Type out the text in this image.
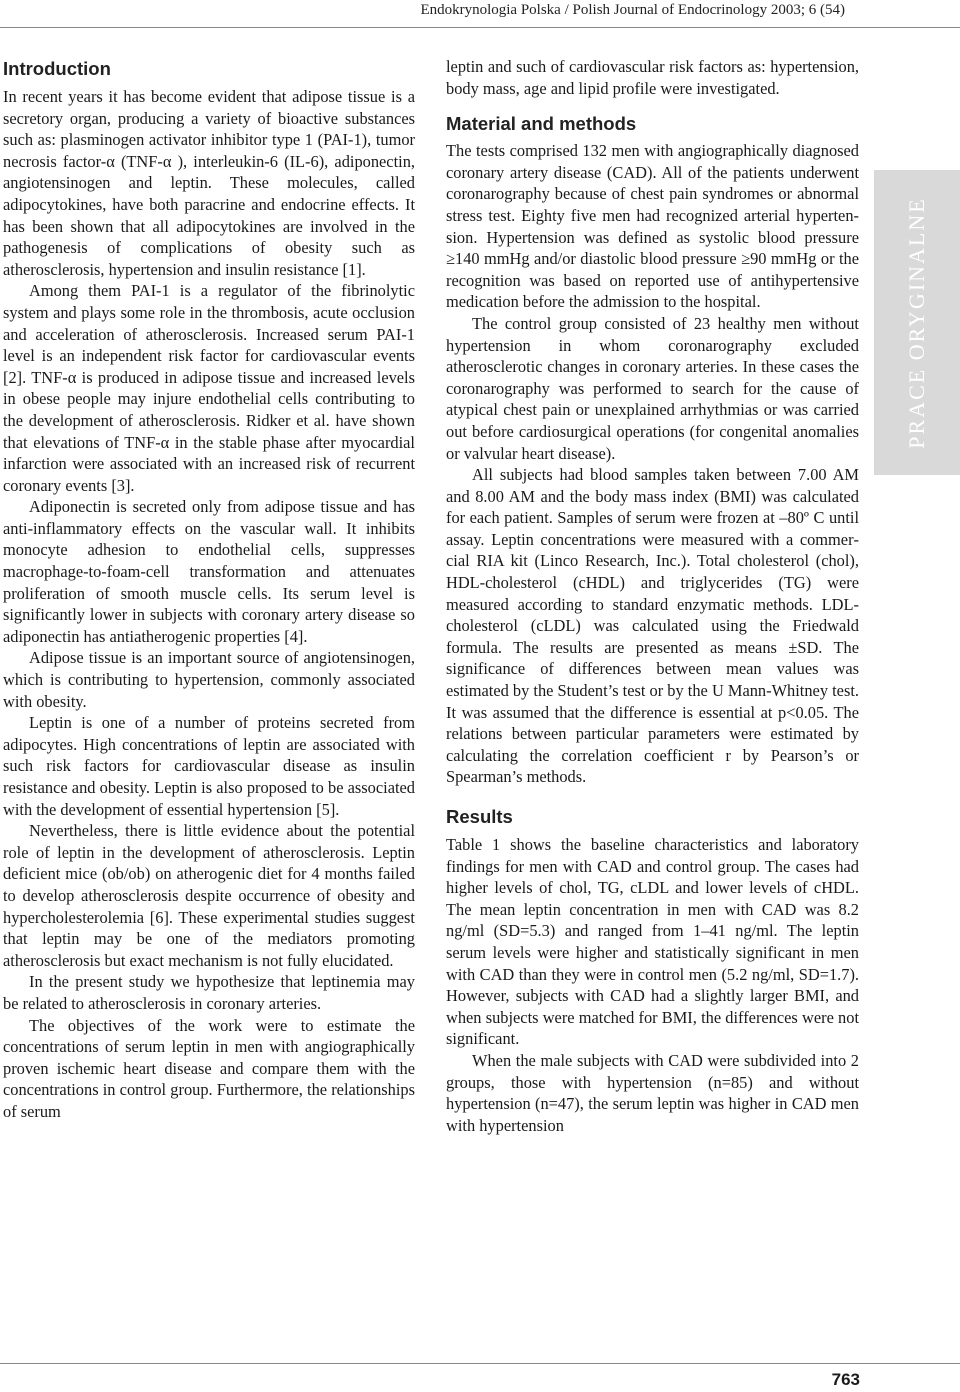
Endokrynologia Polska / Polish Journal of Endocrinology 2003; 6 (54)
Introduction

In recent years it has become evident that adipose tissue is a secretory organ, producing a variety of bioactive substances such as: plasminogen activator inhibitor type 1 (PAI-1), tumor necrosis factor-α (TNF-α ), interleukin-6 (IL-6), adiponectin, angiotensinogen and leptin. These molecules, called adipocytokines, have both paracrine and endocrine effects. It has been shown that all adipocytokines are involved in the pathogenesis of complications of obesity such as atherosclerosis, hypertension and insulin resistance [1].

Among them PAI-1 is a regulator of the fibrinolytic system and plays some role in the thrombosis, acute occlusion and acceleration of atherosclerosis. Increased serum PAI-1 level is an independent risk factor for cardiovascular events [2]. TNF-α is produced in adipose tissue and increased levels in obese people may injure endothelial cells contributing to the development of atherosclerosis. Ridker et al. have shown that elevations of TNF-α in the stable phase after myocardial infarction were associated with an increased risk of recurrent coronary events [3].

Adiponectin is secreted only from adipose tissue and has anti-inflammatory effects on the vascular wall. It inhibits monocyte adhesion to endothelial cells, suppresses macrophage-to-foam-cell transformation and attenuates proliferation of smooth muscle cells. Its serum level is significantly lower in subjects with coronary artery disease so adiponectin has antiatherogenic properties [4].

Adipose tissue is an important source of angiotensinogen, which is contributing to hypertension, commonly associated with obesity.

Leptin is one of a number of proteins secreted from adipocytes. High concentrations of leptin are associated with such risk factors for cardiovascular disease as insulin resistance and obesity. Leptin is also proposed to be associated with the development of essential hypertension [5].

Nevertheless, there is little evidence about the potential role of leptin in the development of atherosclerosis. Leptin deficient mice (ob/ob) on atherogenic diet for 4 months failed to develop atherosclerosis despite occurrence of obesity and hypercholesterolemia [6]. These experimental studies suggest that leptin may be one of the mediators promoting atherosclerosis but exact mechanism is not fully elucidated.

In the present study we hypothesize that leptinemia may be related to atherosclerosis in coronary arteries.

The objectives of the work were to estimate the concentrations of serum leptin in men with angiographically proven ischemic heart disease and compare them with the concentrations in control group. Furthermore, the relationships of serum

leptin and such of cardiovascular risk factors as: hypertension, body mass, age and lipid profile were investigated.

Material and methods

The tests comprised 132 men with angiographically diagnosed coronary artery disease (CAD). All of the patients underwent coronarography because of chest pain syndromes or abnormal stress test. Eighty five men had recognized arterial hypertension. Hypertension was defined as systolic blood pressure ≥140 mmHg and/or diastolic blood pressure ≥90 mmHg or the recognition was based on reported use of antihypertensive medication before the admission to the hospital.

The control group consisted of 23 healthy men without hypertension in whom coronarography excluded atherosclerotic changes in coronary arteries. In these cases the coronarography was performed to search for the cause of atypical chest pain or unexplained arrhythmias or was carried out before cardiosurgical operations (for congenital anomalies or valvular heart disease).

All subjects had blood samples taken between 7.00 AM and 8.00 AM and the body mass index (BMI) was calculated for each patient. Samples of serum were frozen at –80º C until assay. Leptin concentrations were measured with a commercial RIA kit (Linco Research, Inc.). Total cholesterol (chol), HDL-cholesterol (cHDL) and triglycerides (TG) were measured according to standard enzymatic methods. LDL-cholesterol (cLDL) was calculated using the Friedwald formula. The results are presented as means ±SD. The significance of differences between mean values was estimated by the Student’s test or by the U Mann-Whitney test. It was assumed that the difference is essential at p<0.05. The relations between particular parameters were estimated by calculating the correlation coefficient r by Pearson’s or Spearman’s methods.

Results

Table 1 shows the baseline characteristics and laboratory findings for men with CAD and control group. The cases had higher levels of chol, TG, cLDL and lower levels of cHDL. The mean leptin concentration in men with CAD was 8.2 ng/ml (SD=5.3) and ranged from 1–41 ng/ml. The leptin serum levels were higher and statistically significant in men with CAD than they were in control men (5.2 ng/ml, SD=1.7). However, subjects with CAD had a slightly larger BMI, and when subjects were matched for BMI, the differences were not significant.

When the male subjects with CAD were subdivided into 2 groups, those with hypertension (n=85) and without hypertension (n=47), the serum leptin was higher in CAD men with hypertension

PRACE ORYGINALNE
763
